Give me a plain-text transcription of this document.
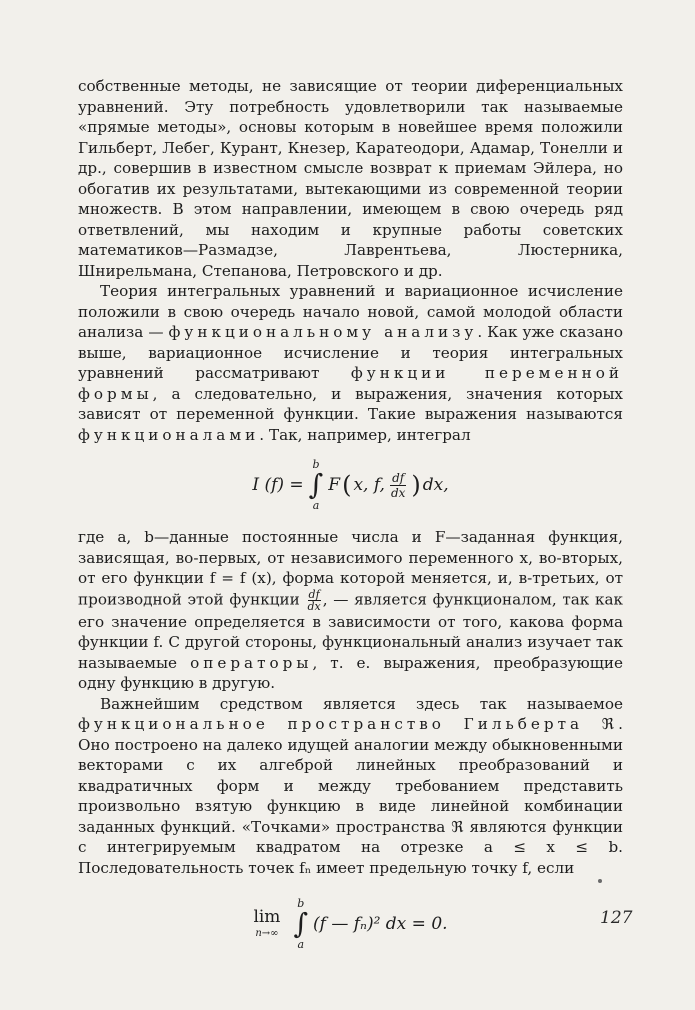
собственные методы, не зависящие от теории диференциальных уравнений. Эту потребность удовлетворили так называемые «прямые методы», основы которым в новейшее время положили Гильберт, Лебег, Курант, Кнезер, Каратеодори, Адамар, Тонелли и др., совершив в известном смысле возврат к приемам Эйлера, но обогатив их результатами, вытекающими из современной теории множеств. В этом направлении, имеющем в свою очередь ряд ответвлений, мы находим и крупные работы советских математиков—Размадзе, Лаврентьева, Люстерника, Шнирельмана, Степанова, Петровского и др.

Теория интегральных уравнений и вариационное исчисление положили в свою очередь начало новой, самой молодой области анализа — функциональному анализу. Как уже сказано выше, вариационное исчисление и теория интегральных уравнений рассматривают функции переменной формы, а следовательно, и выражения, значения которых зависят от переменной функции. Такие выражения называются функционалами. Так, например, интеграл

I (f) =
b
∫
a
F ( x, f, $\frac{df}{dx}$ ) dx,

где a, b—данные постоянные числа и F—заданная функция, зависящая, во-первых, от независимого переменного x, во-вторых, от его функции f = f (x), форма которой меняется, и, в-третьих, от производной этой функции $\frac{df}{dx}$ , — является функционалом, так как его значение определяется в зависимости от того, какова форма функции f. С другой стороны, функциональный анализ изучает так называемые операторы, т. е. выражения, преобразующие одну функцию в другую.

Важнейшим средством является здесь так называемое функциональное пространство Гильберта ℜ. Оно построено на далеко идущей аналогии между обыкновенными векторами с их алгеброй линейных преобразований и квадратичных форм и между требованием представить произвольно взятую функцию в виде линейной комбинации заданных функций. «Точками» пространства ℜ являются функции с интегрируемым квадратом на отрезке a ≤ x ≤ b. Последовательность точек fₙ имеет предельную точку f, если

lim
n→∞
b
∫
a
(f — fₙ)² dx = 0.	127
